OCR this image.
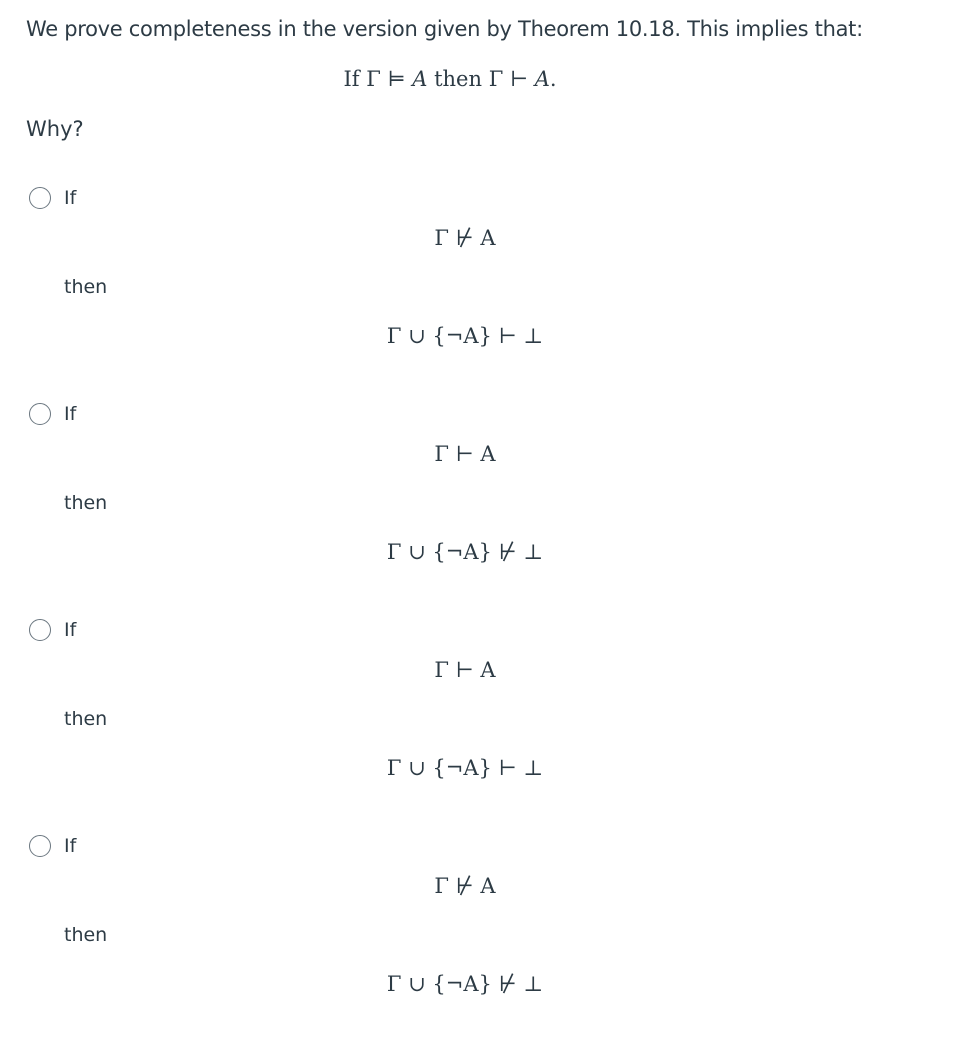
We prove completeness in the version given by Theorem 10.18. This implies that:
If Γ ⊨ A then Γ ⊢ A.
Why?
If
Γ ⊬ A
then
Γ ∪ {¬A} ⊢ ⊥
If
Γ ⊢ A
then
Γ ∪ {¬A} ⊬ ⊥
If
Γ ⊢ A
then
Γ ∪ {¬A} ⊢ ⊥
If
Γ ⊬ A
then
Γ ∪ {¬A} ⊬ ⊥
